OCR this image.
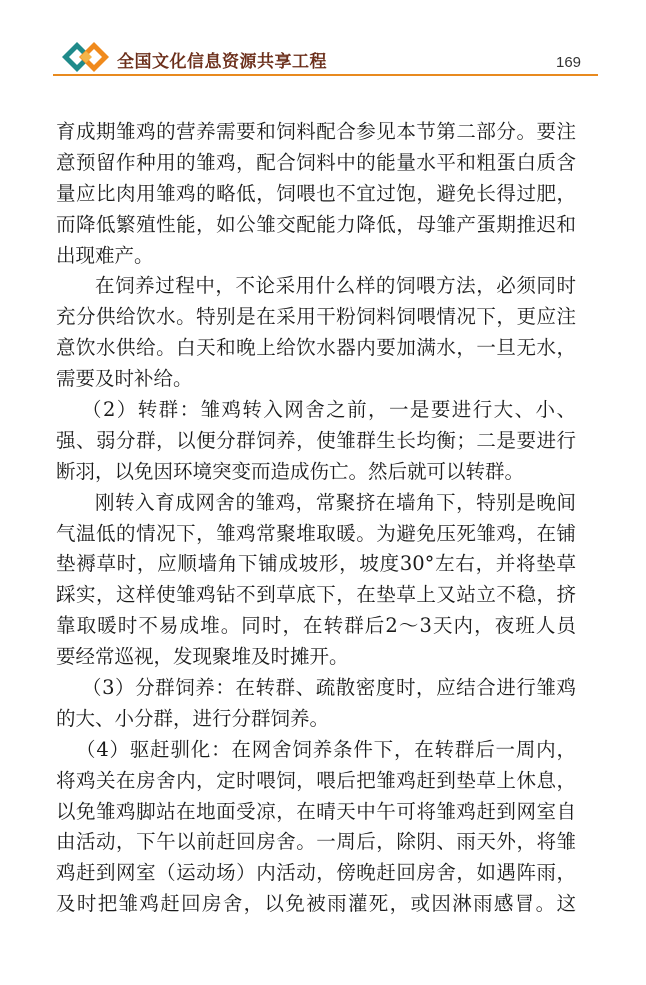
全国文化信息资源共享工程	169
育成期雏鸡的营养需要和饲料配合参见本节第二部分。要注
意预留作种用的雏鸡，配合饲料中的能量水平和粗蛋白质含
量应比肉用雏鸡的略低，饲喂也不宜过饱，避免长得过肥，
而降低繁殖性能，如公雏交配能力降低，母雏产蛋期推迟和
出现难产。
在饲养过程中，不论采用什么样的饲喂方法，必须同时
充分供给饮水。特别是在采用干粉饲料饲喂情况下，更应注
意饮水供给。白天和晚上给饮水器内要加满水，一旦无水，
需要及时补给。
（2）转群：雏鸡转入网舍之前，一是要进行大、小、
强、弱分群，以便分群饲养，使雏群生长均衡；二是要进行
断羽，以免因环境突变而造成伤亡。然后就可以转群。
刚转入育成网舍的雏鸡，常聚挤在墙角下，特别是晚间
气温低的情况下，雏鸡常聚堆取暖。为避免压死雏鸡，在铺
垫褥草时，应顺墙角下铺成坡形，坡度30°左右，并将垫草
踩实，这样使雏鸡钻不到草底下，在垫草上又站立不稳，挤
靠取暖时不易成堆。同时，在转群后2～3天内，夜班人员
要经常巡视，发现聚堆及时摊开。
（3）分群饲养：在转群、疏散密度时，应结合进行雏鸡
的大、小分群，进行分群饲养。
（4）驱赶驯化：在网舍饲养条件下，在转群后一周内，
将鸡关在房舍内，定时喂饲，喂后把雏鸡赶到垫草上休息，
以免雏鸡脚站在地面受凉，在晴天中午可将雏鸡赶到网室自
由活动，下午以前赶回房舍。一周后，除阴、雨天外，将雏
鸡赶到网室（运动场）内活动，傍晚赶回房舍，如遇阵雨，
及时把雏鸡赶回房舍，以免被雨灌死，或因淋雨感冒。这
